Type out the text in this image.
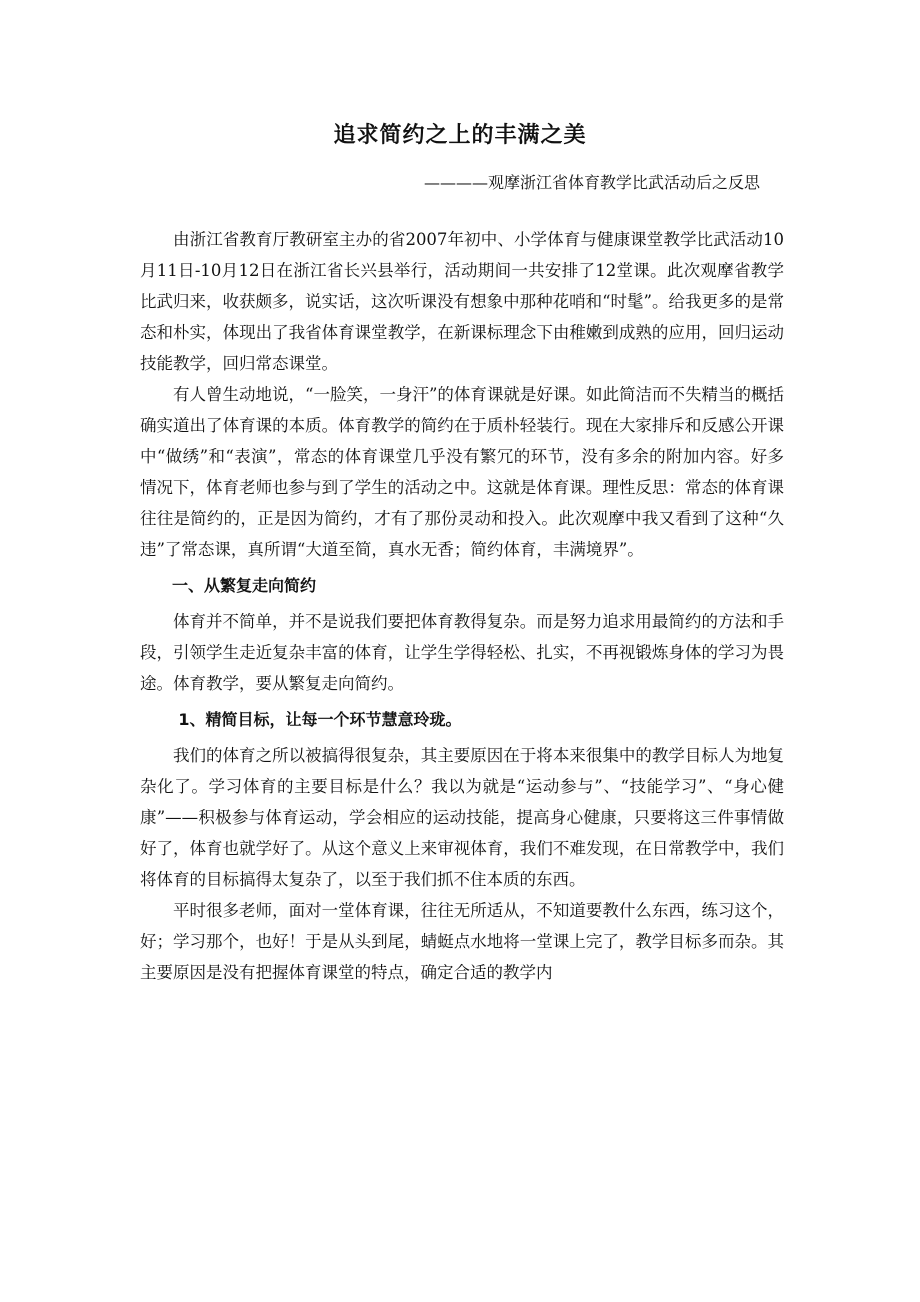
追求简约之上的丰满之美

————观摩浙江省体育教学比武活动后之反思

由浙江省教育厅教研室主办的省2007年初中、小学体育与健康课堂教学比武活动10月11日-10月12日在浙江省长兴县举行，活动期间一共安排了12堂课。此次观摩省教学比武归来，收获颇多，说实话，这次听课没有想象中那种花哨和“时髦”。给我更多的是常态和朴实，体现出了我省体育课堂教学，在新课标理念下由稚嫩到成熟的应用，回归运动技能教学，回归常态课堂。

有人曾生动地说，“一脸笑，一身汗”的体育课就是好课。如此简洁而不失精当的概括确实道出了体育课的本质。体育教学的简约在于质朴轻装行。现在大家排斥和反感公开课中“做绣”和“表演”，常态的体育课堂几乎没有繁冗的环节，没有多余的附加内容。好多情况下，体育老师也参与到了学生的活动之中。这就是体育课。理性反思：常态的体育课往往是简约的，正是因为简约，才有了那份灵动和投入。此次观摩中我又看到了这种“久违”了常态课，真所谓“大道至简，真水无香；简约体育，丰满境界”。

一、从繁复走向简约

体育并不简单，并不是说我们要把体育教得复杂。而是努力追求用最简约的方法和手段，引领学生走近复杂丰富的体育，让学生学得轻松、扎实，不再视锻炼身体的学习为畏途。体育教学，要从繁复走向简约。

1、精简目标，让每一个环节慧意玲珑。

我们的体育之所以被搞得很复杂，其主要原因在于将本来很集中的教学目标人为地复杂化了。学习体育的主要目标是什么？我以为就是“运动参与”、“技能学习”、“身心健康”——积极参与体育运动，学会相应的运动技能，提高身心健康，只要将这三件事情做好了，体育也就学好了。从这个意义上来审视体育，我们不难发现，在日常教学中，我们将体育的目标搞得太复杂了，以至于我们抓不住本质的东西。

平时很多老师，面对一堂体育课，往往无所适从，不知道要教什么东西，练习这个，好；学习那个，也好！于是从头到尾，蜻蜓点水地将一堂课上完了，教学目标多而杂。其主要原因是没有把握体育课堂的特点，确定合适的教学内
